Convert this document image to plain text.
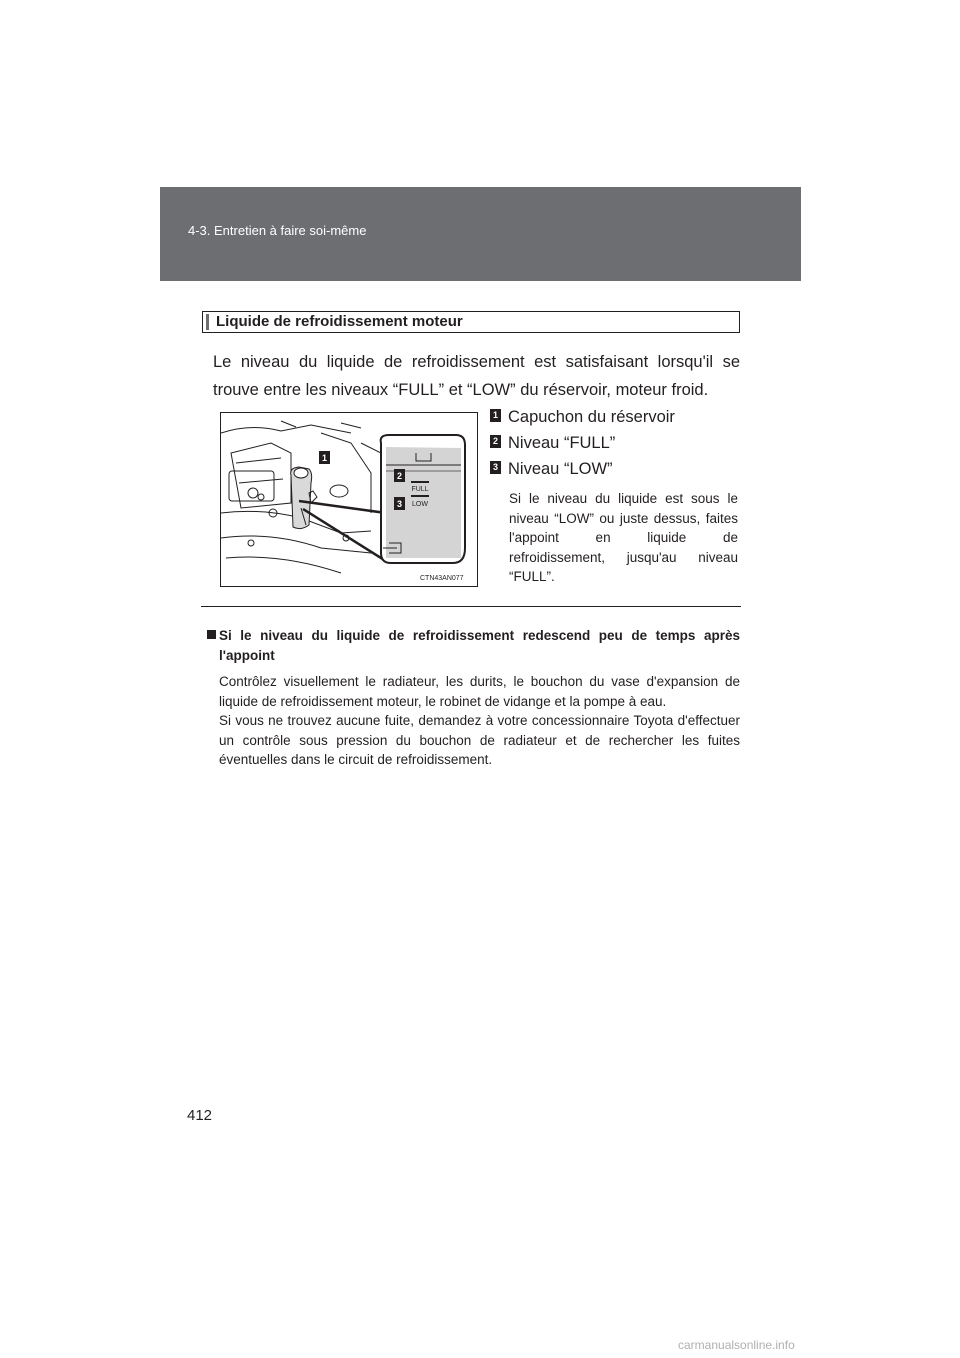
4-3. Entretien à faire soi-même
Liquide de refroidissement moteur
Le niveau du liquide de refroidissement est satisfaisant lorsqu'il se trouve entre les niveaux “FULL” et “LOW” du réservoir, moteur froid.
1
2
3
FULL
LOW
CTN43AN077
1 Capuchon du réservoir
2 Niveau “FULL”
3 Niveau “LOW”
Si le niveau du liquide est sous le niveau “LOW” ou juste dessus, faites l'appoint en liquide de refroidissement, jusqu'au niveau “FULL”.
Si le niveau du liquide de refroidissement redescend peu de temps après l'appoint

Contrôlez visuellement le radiateur, les durits, le bouchon du vase d'expansion de liquide de refroidissement moteur, le robinet de vidange et la pompe à eau.

Si vous ne trouvez aucune fuite, demandez à votre concessionnaire Toyota d'effectuer un contrôle sous pression du bouchon de radiateur et de rechercher les fuites éventuelles dans le circuit de refroidissement.

412
carmanualsonline.info
